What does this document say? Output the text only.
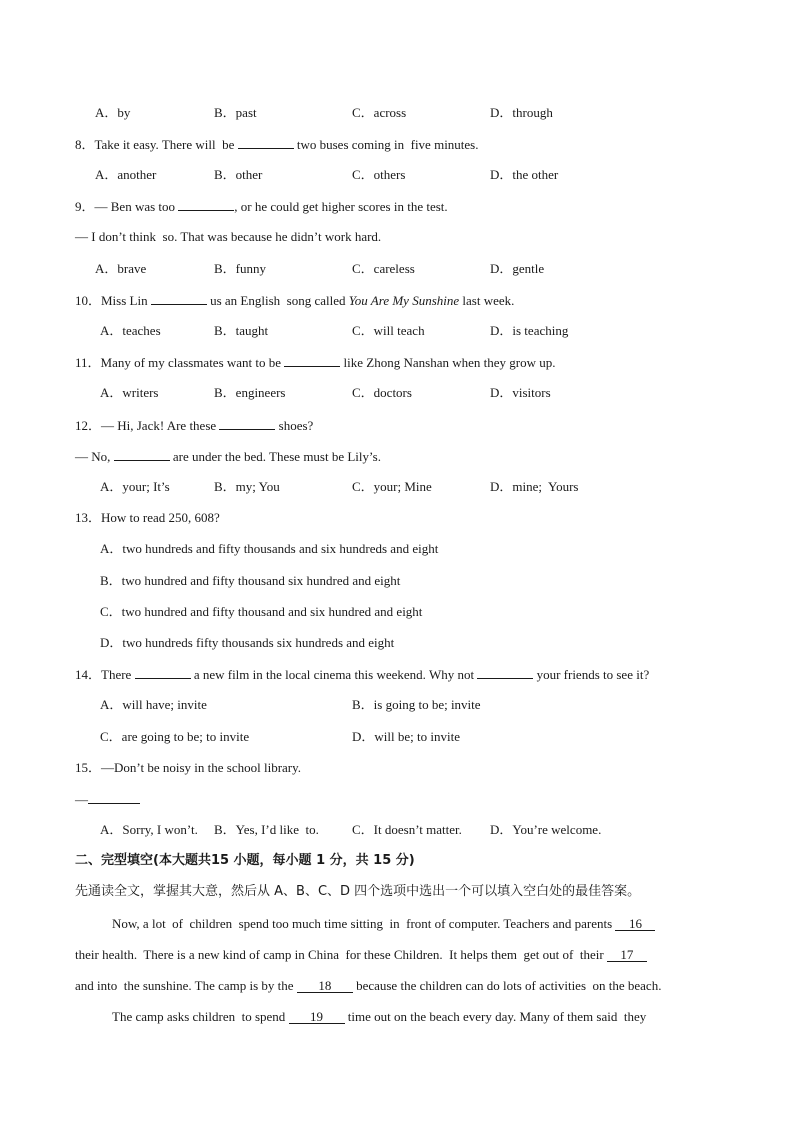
A．by	B．past	C．across	D．through
8．Take it easy. There will  be	two buses coming in  five minutes.
A．another	B．other	C．others	D．the other
9．— Ben was too	, or he could get higher scores in the test.
— I don’t think  so. That was because he didn’t work hard.
A．brave	B．funny	C．careless	D．gentle
10．Miss Lin	us an English  song called You Are My Sunshine last week.
A．teaches	B．taught	C．will teach	D．is teaching
11．Many of my classmates want to be	like Zhong Nanshan when they grow up.
A．writers	B．engineers	C．doctors	D．visitors
12．— Hi, Jack! Are these	shoes?
— No,	are under the bed. These must be Lily’s.
A．your; It’s	B．my; You	C．your; Mine	D．mine;  Yours
13．How to read 250, 608?
A．two hundreds and fifty thousands and six hundreds and eight
B．two hundred and fifty thousand six hundred and eight
C．two hundred and fifty thousand and six hundred and eight
D．two hundreds fifty thousands six hundreds and eight
14．There	a new film in the local cinema this weekend. Why not	your friends to see it?
A．will have; invite	B．is going to be; invite
C．are going to be; to invite	D．will be; to invite
15．—Don’t be noisy in the school library.
—
A．Sorry, I won’t. B．Yes, I’d like  to.	C．It doesn’t matter. D．You’re welcome.
二、完型填空(本大题共15 小题，每小题 1 分，共 15 分)
先通读全文，掌握其大意，然后从 A、B、C、D 四个选项中选出一个可以填入空白处的最佳答案。
Now, a lot  of  children  spend too much time sitting  in  front of computer. Teachers and parents 16
their health.  There is a new kind of camp in China  for these Children.  It helps them  get out of  their 17
and into  the sunshine. The camp is by the 18 because the children can do lots of activities  on the beach.
The camp asks children  to spend 19 time out on the beach every day. Many of them said  they
